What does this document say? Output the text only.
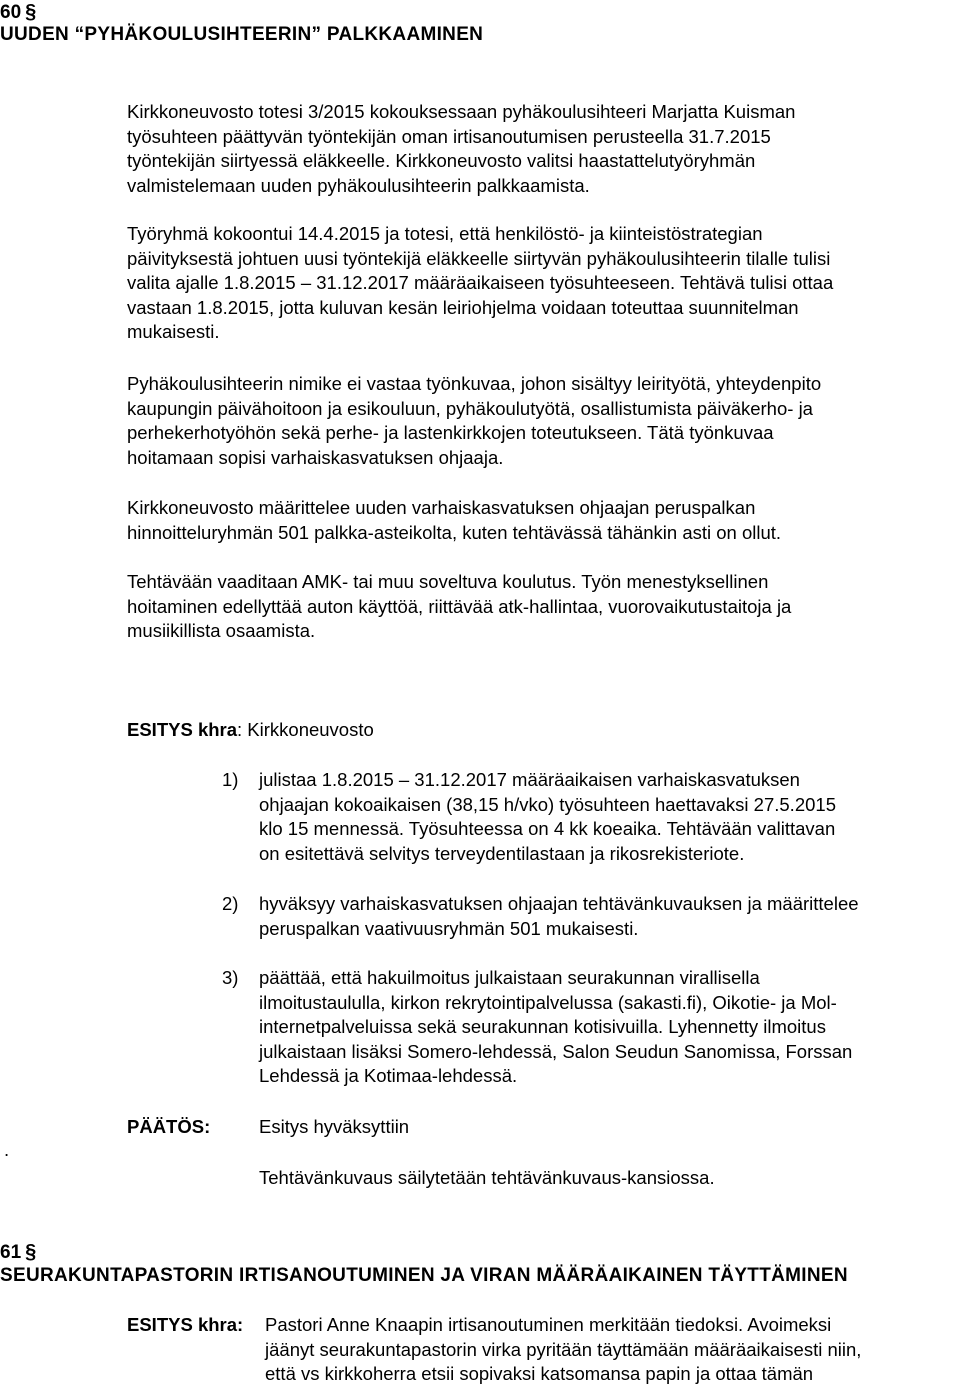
60 §
UUDEN “PYHÄKOULUSIHTEERIN” PALKKAAMINEN

Kirkkoneuvosto totesi 3/2015 kokouksessaan pyhäkoulusihteeri Marjatta Kuisman
työsuhteen päättyvän työntekijän oman irtisanoutumisen perusteella 31.7.2015
työntekijän siirtyessä eläkkeelle. Kirkkoneuvosto valitsi haastattelutyöryhmän
valmistelemaan uuden pyhäkoulusihteerin palkkaamista.

Työryhmä kokoontui 14.4.2015 ja totesi, että henkilöstö- ja kiinteistöstrategian
päivityksestä johtuen uusi työntekijä eläkkeelle siirtyvän pyhäkoulusihteerin tilalle tulisi
valita ajalle 1.8.2015 – 31.12.2017 määräaikaiseen työsuhteeseen. Tehtävä tulisi ottaa
vastaan 1.8.2015, jotta kuluvan kesän leiriohjelma voidaan toteuttaa suunnitelman
mukaisesti.

Pyhäkoulusihteerin nimike ei vastaa työnkuvaa, johon sisältyy leirityötä, yhteydenpito
kaupungin päivähoitoon ja esikouluun, pyhäkoulutyötä, osallistumista päiväkerho- ja
perhekerhotyöhön sekä perhe- ja lastenkirkkojen toteutukseen. Tätä työnkuvaa
hoitamaan sopisi varhaiskasvatuksen ohjaaja.

Kirkkoneuvosto määrittelee uuden varhaiskasvatuksen ohjaajan peruspalkan
hinnoitteluryhmän 501 palkka-asteikolta, kuten tehtävässä tähänkin asti on ollut.

Tehtävään vaaditaan AMK- tai muu soveltuva koulutus. Työn menestyksellinen
hoitaminen edellyttää auton käyttöä, riittävää atk-hallintaa, vuorovaikutustaitoja ja
musiikillista osaamista.

ESITYS khra: Kirkkoneuvosto
1)	julistaa 1.8.2015 – 31.12.2017 määräaikaisen varhaiskasvatuksen
ohjaajan kokoaikaisen (38,15 h/vko) työsuhteen haettavaksi 27.5.2015
klo 15 mennessä. Työsuhteessa on 4 kk koeaika. Tehtävään valittavan
on esitettävä selvitys terveydentilastaan ja rikosrekisteriote.

2)	hyväksyy varhaiskasvatuksen ohjaajan tehtävänkuvauksen ja määrittelee
peruspalkan vaativuusryhmän 501 mukaisesti.

3)	päättää, että hakuilmoitus julkaistaan seurakunnan virallisella
ilmoitustaululla, kirkon rekrytointipalvelussa (sakasti.fi), Oikotie- ja Mol-
internetpalveluissa sekä seurakunnan kotisivuilla. Lyhennetty ilmoitus
julkaistaan lisäksi Somero-lehdessä, Salon Seudun Sanomissa, Forssan
Lehdessä ja Kotimaa-lehdessä.

.
PÄÄTÖS:	Esitys hyväksyttiin
Tehtävänkuvaus säilytetään tehtävänkuvaus-kansiossa.
61 §
SEURAKUNTAPASTORIN IRTISANOUTUMINEN JA VIRAN MÄÄRÄAIKAINEN TÄYTTÄMINEN
ESITYS khra: Pastori Anne Knaapin irtisanoutuminen merkitään tiedoksi. Avoimeksi
jäänyt seurakuntapastorin virka pyritään täyttämään määräaikaisesti niin,
että vs kirkkoherra etsii sopivaksi katsomansa papin ja ottaa tämän
